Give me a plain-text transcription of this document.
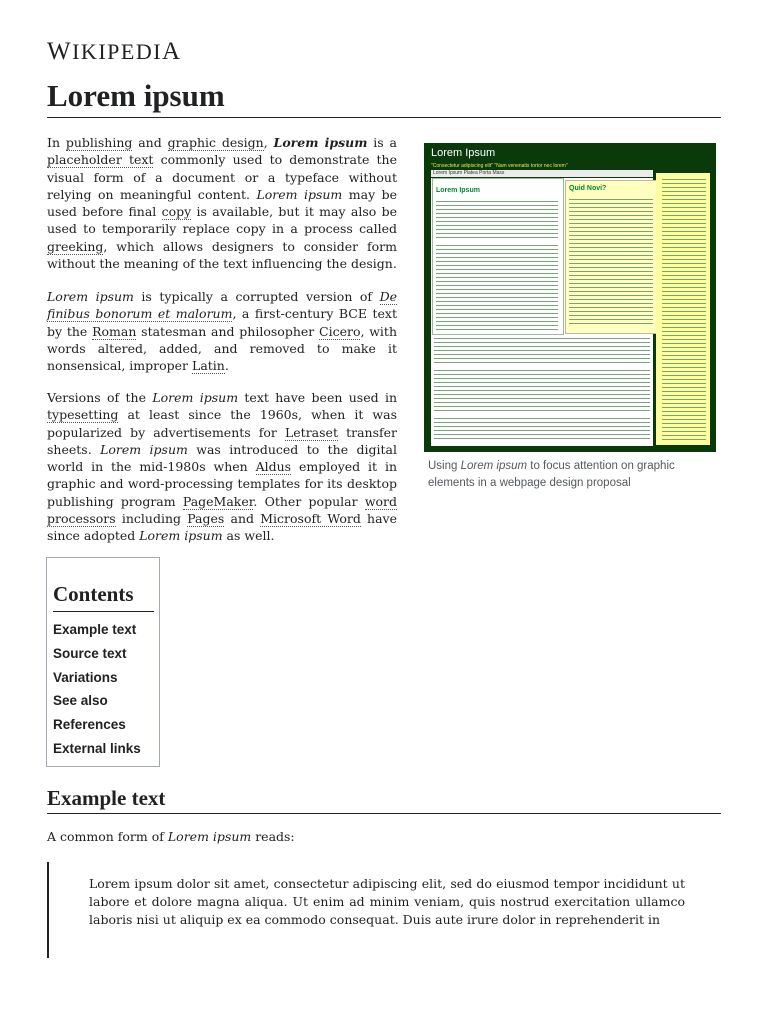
WIKIPEDIA
Lorem ipsum

In publishing and graphic design, Lorem ipsum is a placeholder text commonly used to demonstrate the visual form of a document or a typeface without relying on meaningful content. Lorem ipsum may be used before final copy is available, but it may also be used to temporarily replace copy in a process called greeking, which allows designers to consider form without the meaning of the text influencing the design.

Lorem ipsum is typically a corrupted version of De finibus bonorum et malorum, a first-century BCE text by the Roman statesman and philosopher Cicero, with words altered, added, and removed to make it nonsensical, improper Latin.

Versions of the Lorem ipsum text have been used in typesetting at least since the 1960s, when it was popularized by advertisements for Letraset transfer sheets. Lorem ipsum was introduced to the digital world in the mid-1980s when Aldus employed it in graphic and word-processing templates for its desktop publishing program PageMaker. Other popular word processors including Pages and Microsoft Word have since adopted Lorem ipsum as well.

Lorem Ipsum
"Consectetur adipiscing elit" "Nam venenatis tortor nec lorem"
Lorem Ipsum Platea Porta Mass
Lorem Ipsum	Quid Novi?
Using Lorem ipsum to focus attention on graphic elements in a webpage design proposal
Contents
Example text
Source text
Variations
See also
References
External links
Example text

A common form of Lorem ipsum reads:

Lorem ipsum dolor sit amet, consectetur adipiscing elit, sed do eiusmod tempor incididunt ut labore et dolore magna aliqua. Ut enim ad minim veniam, quis nostrud exercitation ullamco laboris nisi ut aliquip ex ea commodo consequat. Duis aute irure dolor in reprehenderit in
